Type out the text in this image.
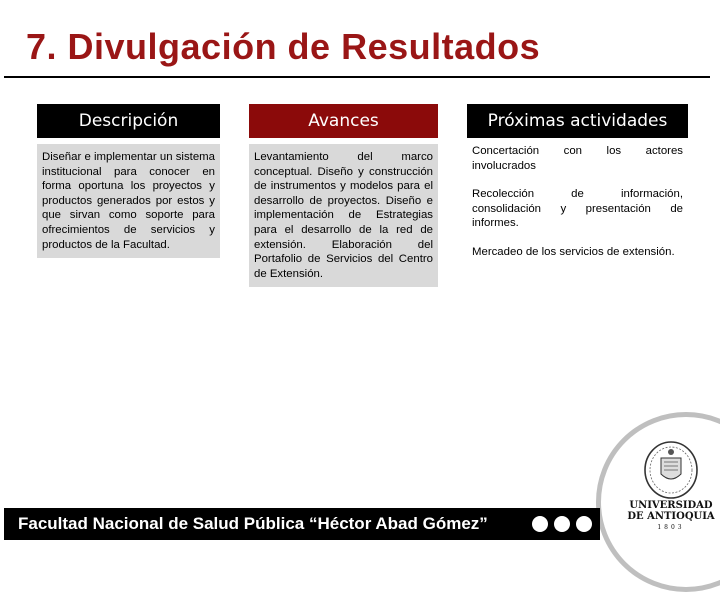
7. Divulgación de Resultados
Descripción

Diseñar e implementar un sistema institucional para conocer en forma oportuna los proyectos y productos generados por estos y que sirvan como soporte para ofrecimientos de servicios y productos de la Facultad.

Avances

Levantamiento del marco conceptual. Diseño y construcción de instrumentos y modelos para el desarrollo de proyectos. Diseño e implementación de Estrategias para el desarrollo de la red de extensión. Elaboración del Portafolio de Servicios del Centro de Extensión.

Próximas actividades

Concertación con los actores involucrados

Recolección de información, consolidación y presentación de informes.

Mercadeo de los servicios de extensión.

Facultad Nacional de Salud Pública “Héctor Abad Gómez”
UNIVERSIDAD
DE ANTIOQUIA
1803
